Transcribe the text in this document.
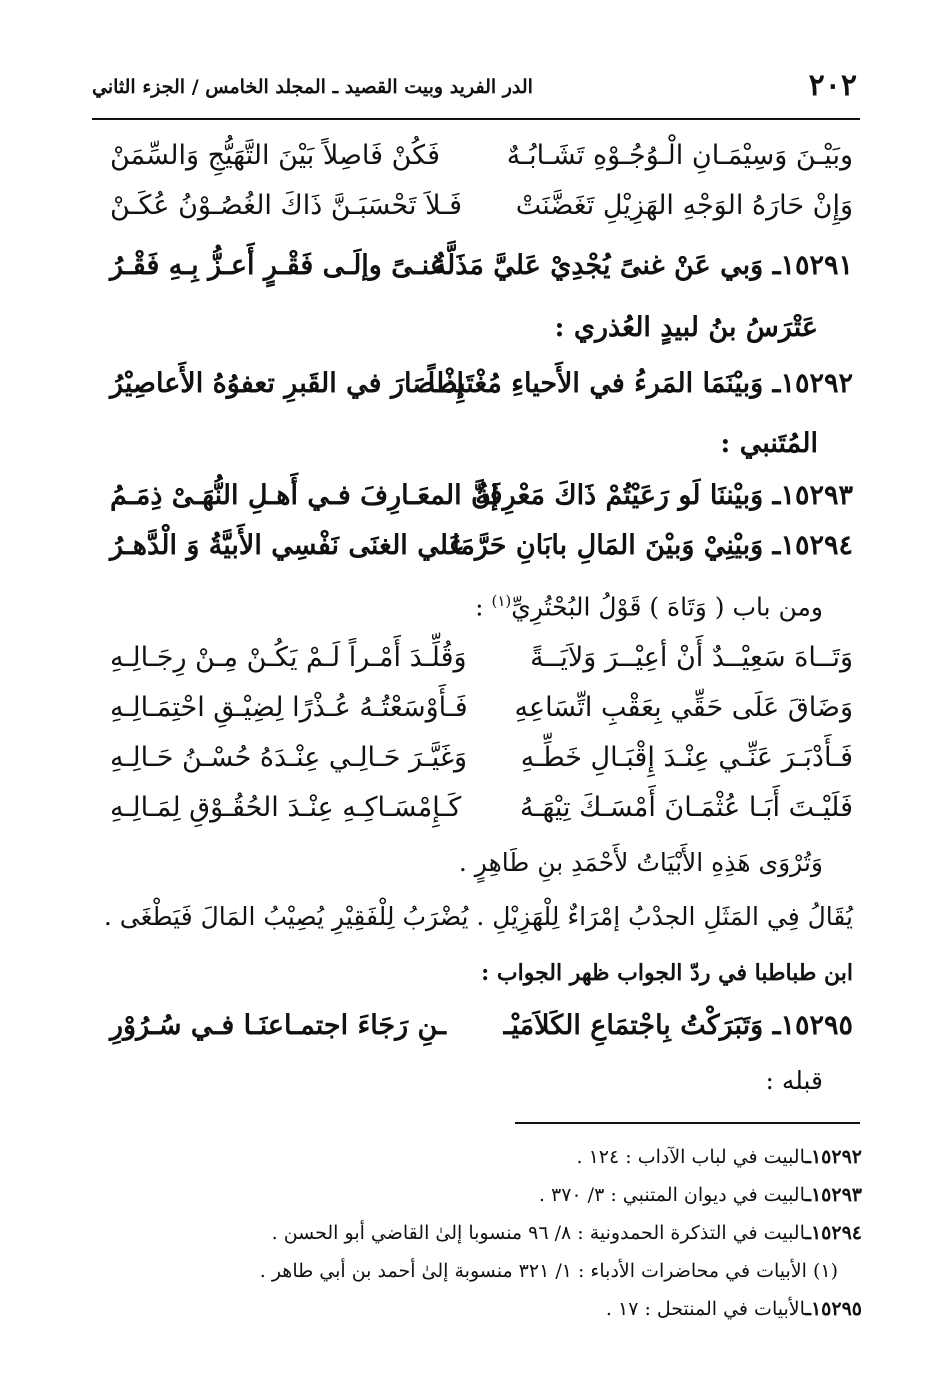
٢٠٢
الدر الفريد وبيت القصيد ـ المجلد الخامس / الجزء الثاني
وبَيْـنَ وَسِيْمَـانِ الْـوُجُـوْهِ تَشَـابُـهٌ
فَكُنْ فَاصِلاً بَيْنَ التَّهَيُّجِ وَالسِّمَنْ
وَإِنْ حَارَهُ الوَجْهِ الهَزِيْلِ تَغَضَّنَتْ
فَـلاَ تَحْسَبَـنَّ ذَاكَ الغُصُـوْنُ عُكَـنْ
١٥٢٩١ـ وَبي عَنْ غنىً يُجْدِيْ عَليَّ مَذَلَّةٌ
غنـىً وإلَـى فَقْـرٍ أَعـزُّ بِـهِ فَقْـرُ
عَتْرَسُ بنُ لبيدٍ العُذري :
١٥٢٩٢ـ وَبيْنَمَا المَرءُ في الأَحياءِ مُغْتَبطاً
إِذْ صَارَ في القَبرِ تعفوُهُ الأَعاصِيْرُ
المُتَنبي :
١٥٢٩٣ـ وَبيْننَا لَو رَعَيْتُمْ ذَاكَ مَعْرِفَةٌ
إنَّ المعَـارِفَ فـي أَهـلِ النُّهَـىْ ذِمَـمُ
١٥٢٩٤ـ وَبيْنِيْ وَبيْنَ المَالِ بابَانِ حَرَّمَا
عَلي الغنَى نَفْسِي الأَبيَّةُ وَ الْدَّهـرُ
ومن باب ( وَتَاهَ ) قَوْلُ البُحْتُرِيِّ$^{(١)}$ :
وَتَــاهَ سَعِيْــدٌ أَنْ أعِيْــرَ وَلاَيَــةً
وَقُلِّـدَ أَمْـراً لَـمْ يَكُـنْ مِـنْ رِجَـالِـهِ
وَضَاقَ عَلَى حَقِّي بِعَقْبِ اتِّسَاعِهِ
فَـأَوْسَعْتُـهُ عُـذْرًا لِضِيْـقِ احْتِمَـالِـهِ
فَـأَدْبَـرَ عَنِّـي عِنْـدَ إِقْبَـالِ خَطِّـهِ
وَغَيَّـرَ حَـالِـي عِنْـدَهُ حُسْـنُ حَـالِـهِ
فَلَيْـتَ أَبَـا عُثْمَـانَ أَمْسَـكَ تِيْهَـهُ
كَـإِمْسَـاكِـهِ عِنْـدَ الحُقُـوْقِ لِمَـالِـهِ
وَتُرْوَى هَذِهِ الأَبْيَاتُ لأَحْمَدِ بنِ طَاهِرٍ .
يُقَالُ فِي المَثَلِ الجدْبُ إمْرَاءٌ لِلْهَزِيْلِ . يُضْرَبُ لِلْفَقِيْرِ يُصِيْبُ المَالَ فَيَطْغَى .
ابن طباطبا في ردّ الجواب ظهر الجواب :
١٥٢٩٥ـ وَتَبَرَكْتُ بِاجْتمَاعِ الكَلاَمَيْـ
ـنِ رَجَاءَ اجتمـاعنَـا فـي سُـرُوْرِ
قبله :
١٥٢٩٢ـالبيت في لباب الآداب : ١٢٤ .
١٥٢٩٣ـالبيت في ديوان المتنبي : ٣/ ٣٧٠ .
١٥٢٩٤ـالبيت في التذكرة الحمدونية : ٨/ ٩٦ منسوبا إلىٰ القاضي أبو الحسن .
(١) الأبيات في محاضرات الأدباء : ١/ ٣٢١ منسوبة إلىٰ أحمد بن أبي طاهر .
١٥٢٩٥ـالأبيات في المنتحل : ١٧ .
